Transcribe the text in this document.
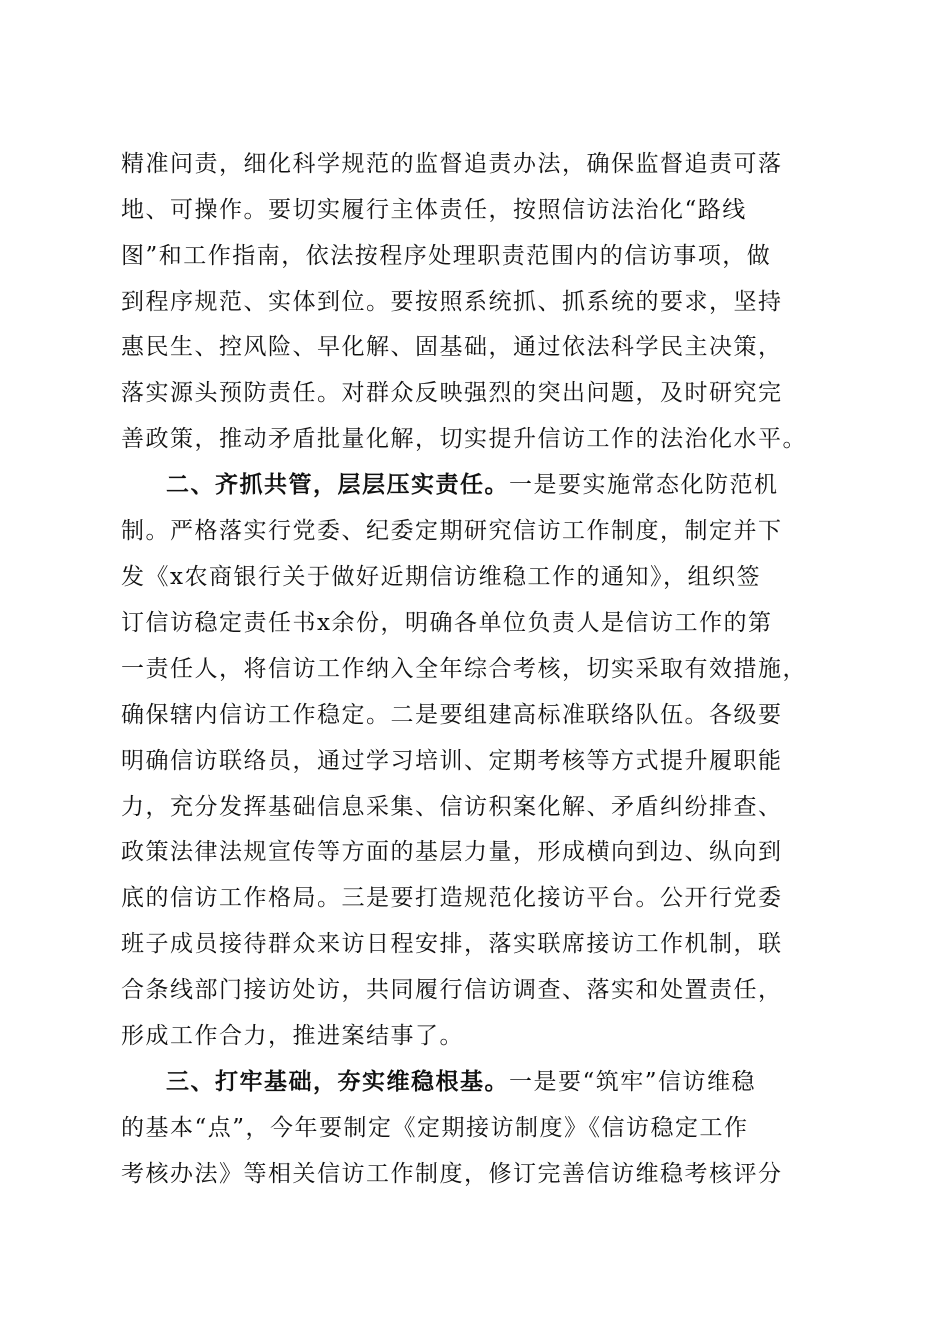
精准问责，细化科学规范的监督追责办法，确保监督追责可落
地、可操作。要切实履行主体责任，按照信访法治化“路线
图”和工作指南，依法按程序处理职责范围内的信访事项，做
到程序规范、实体到位。要按照系统抓、抓系统的要求，坚持
惠民生、控风险、早化解、固基础，通过依法科学民主决策，
落实源头预防责任。对群众反映强烈的突出问题，及时研究完
善政策，推动矛盾批量化解，切实提升信访工作的法治化水平。
二、齐抓共管，层层压实责任。一是要实施常态化防范机
制。严格落实行党委、纪委定期研究信访工作制度，制定并下
发《x农商银行关于做好近期信访维稳工作的通知》，组织签
订信访稳定责任书x余份，明确各单位负责人是信访工作的第
一责任人，将信访工作纳入全年综合考核，切实采取有效措施，
确保辖内信访工作稳定。二是要组建高标准联络队伍。各级要
明确信访联络员，通过学习培训、定期考核等方式提升履职能
力，充分发挥基础信息采集、信访积案化解、矛盾纠纷排查、
政策法律法规宣传等方面的基层力量，形成横向到边、纵向到
底的信访工作格局。三是要打造规范化接访平台。公开行党委
班子成员接待群众来访日程安排，落实联席接访工作机制，联
合条线部门接访处访，共同履行信访调查、落实和处置责任，
形成工作合力，推进案结事了。
三、打牢基础，夯实维稳根基。一是要“筑牢”信访维稳
的基本“点”，今年要制定《定期接访制度》《信访稳定工作
考核办法》等相关信访工作制度，修订完善信访维稳考核评分
